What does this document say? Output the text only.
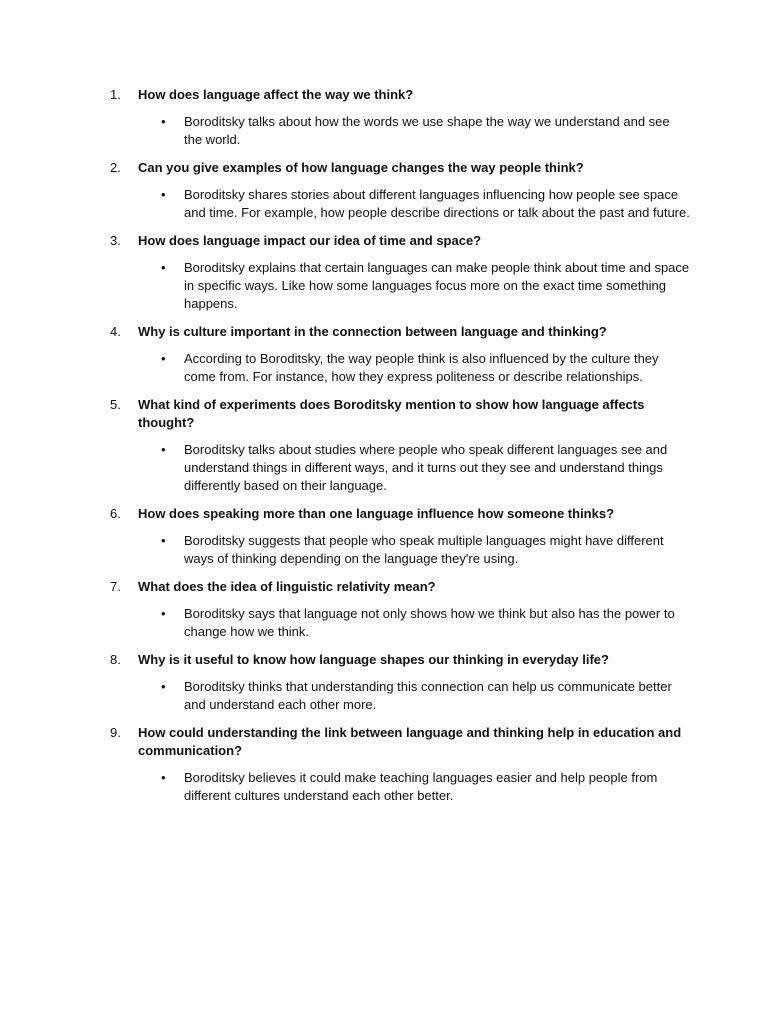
1.	How does language affect the way we think?
• Boroditsky talks about how the words we use shape the way we understand and see the world.
2.	Can you give examples of how language changes the way people think?
• Boroditsky shares stories about different languages influencing how people see space and time. For example, how people describe directions or talk about the past and future.
3.	How does language impact our idea of time and space?
• Boroditsky explains that certain languages can make people think about time and space in specific ways. Like how some languages focus more on the exact time something happens.
4.	Why is culture important in the connection between language and thinking?
• According to Boroditsky, the way people think is also influenced by the culture they come from. For instance, how they express politeness or describe relationships.
5.	What kind of experiments does Boroditsky mention to show how language affects thought?
• Boroditsky talks about studies where people who speak different languages see and understand things in different ways, and it turns out they see and understand things differently based on their language.
6.	How does speaking more than one language influence how someone thinks?
• Boroditsky suggests that people who speak multiple languages might have different ways of thinking depending on the language they're using.
7.	What does the idea of linguistic relativity mean?
• Boroditsky says that language not only shows how we think but also has the power to change how we think.
8.	Why is it useful to know how language shapes our thinking in everyday life?
• Boroditsky thinks that understanding this connection can help us communicate better and understand each other more.
9.	How could understanding the link between language and thinking help in education and communication?
• Boroditsky believes it could make teaching languages easier and help people from different cultures understand each other better.
